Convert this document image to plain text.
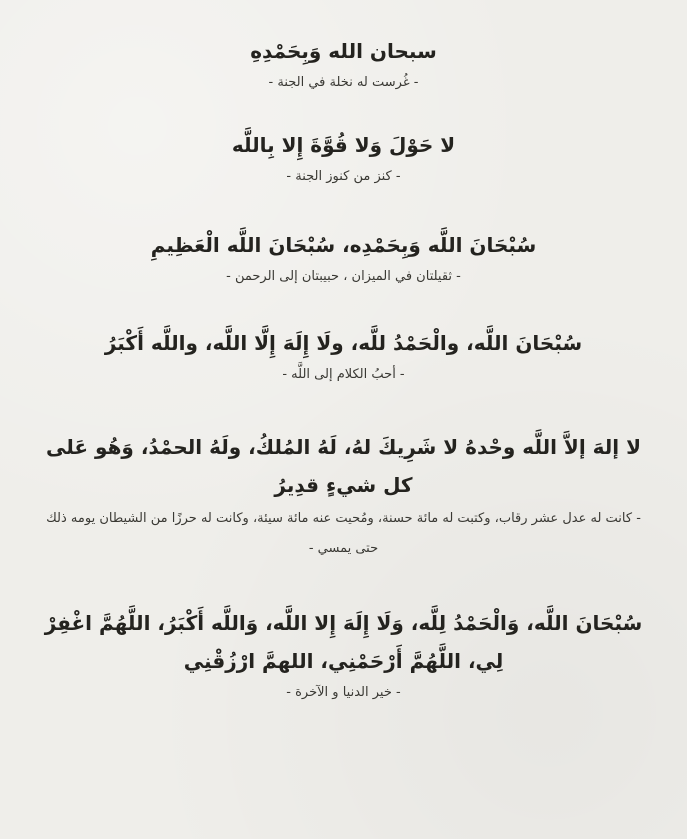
سبحان الله وَبِحَمْدِهِ

- غُرست له نخلة في الجنة -

لا حَوْلَ وَلا قُوَّةَ إِلا بِاللَّه

- كنز من كنوز الجنة -

سُبْحَانَ اللَّه وَبِحَمْدِه، سُبْحَانَ اللَّه الْعَظِيمِ

- ثقيلتان في الميزان ، حبيبتان إلى الرحمن -

سُبْحَانَ اللَّه، والْحَمْدُ للَّه، ولَا إِلَهَ إِلَّا اللَّه، واللَّه أَكْبَرُ

- أحبُ الكلام إلى اللَّه -

لا إلهَ إلاَّ اللَّه وحْدهُ لا شَرِيكَ لهُ، لَهُ المُلكُ، ولَهُ الحمْدُ، وَهُو عَلى كل شيءٍ قدِيرُ

- كانت له عدل عشر رقاب، وكتبت له مائة حسنة، ومُحيت عنه مائة سيئة، وكانت له حرزًا من الشيطان يومه ذلك حتى يمسي -

سُبْحَانَ اللَّه، وَالْحَمْدُ لِلَّه، وَلَا إِلَهَ إِلا اللَّه، وَاللَّه أَكْبَرُ، اللَّهُمَّ اغْفِرْ لِي، اللَّهُمَّ أَرْحَمْنِي، اللهمَّ ارْزُقْنِي

- خير الدنيا و الآخرة -
